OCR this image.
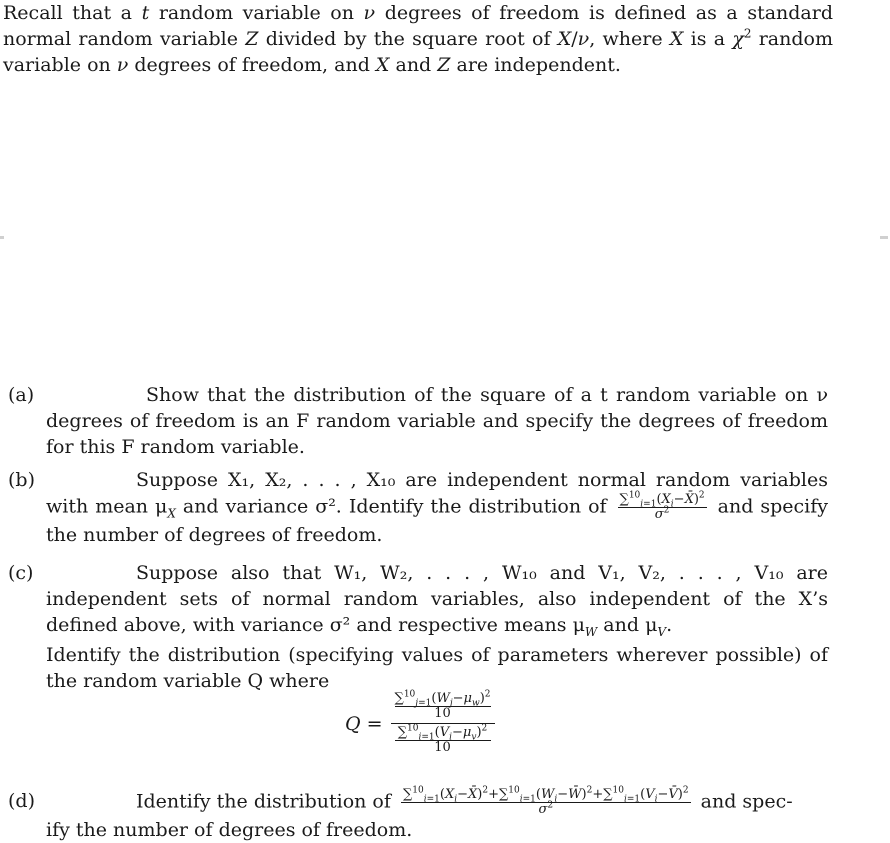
Recall that a t random variable on ν degrees of freedom is defined as a standard normal random variable Z divided by the square root of X/ν, where X is a $\chi^2$ random variable on ν degrees of freedom, and X and Z are independent.

(a)	Show that the distribution of the square of a t random variable on ν degrees of freedom is an F random variable and specify the degrees of freedom for this F random variable.
(b)	Suppose X₁, X₂, . . . , X₁₀ are independent normal random variables with mean $\mu_X$ and variance σ². Identify the distribution of $\frac{\sum^{10}_{i=1}(X_i-X̄)^2}{\sigma^2}$ and specify the number of degrees of freedom.
(c)	Suppose also that W₁, W₂, . . . , W₁₀ and V₁, V₂, . . . , V₁₀ are independent sets of normal random variables, also independent of the X’s defined above, with variance σ² and respective means $\mu_W$ and $\mu_V$.
Identify the distribution (specifying values of parameters wherever possible) of the random variable Q where
$Q = \sum^{10}_{j=1}(W_j-\mu_w)^2$
10
$\sum^{10}_{i=1}(V_i-\mu_v)^2$
10
(d)	Identify the distribution of $\frac{\sum^{10}_{i=1}(X_i-X̄)^2+\sum^{10}_{i=1}(W_i-W̄)^2+\sum^{10}_{i=1}(V_i-V̄)^2}{\sigma^2}$ and spec-
ify the number of degrees of freedom.
